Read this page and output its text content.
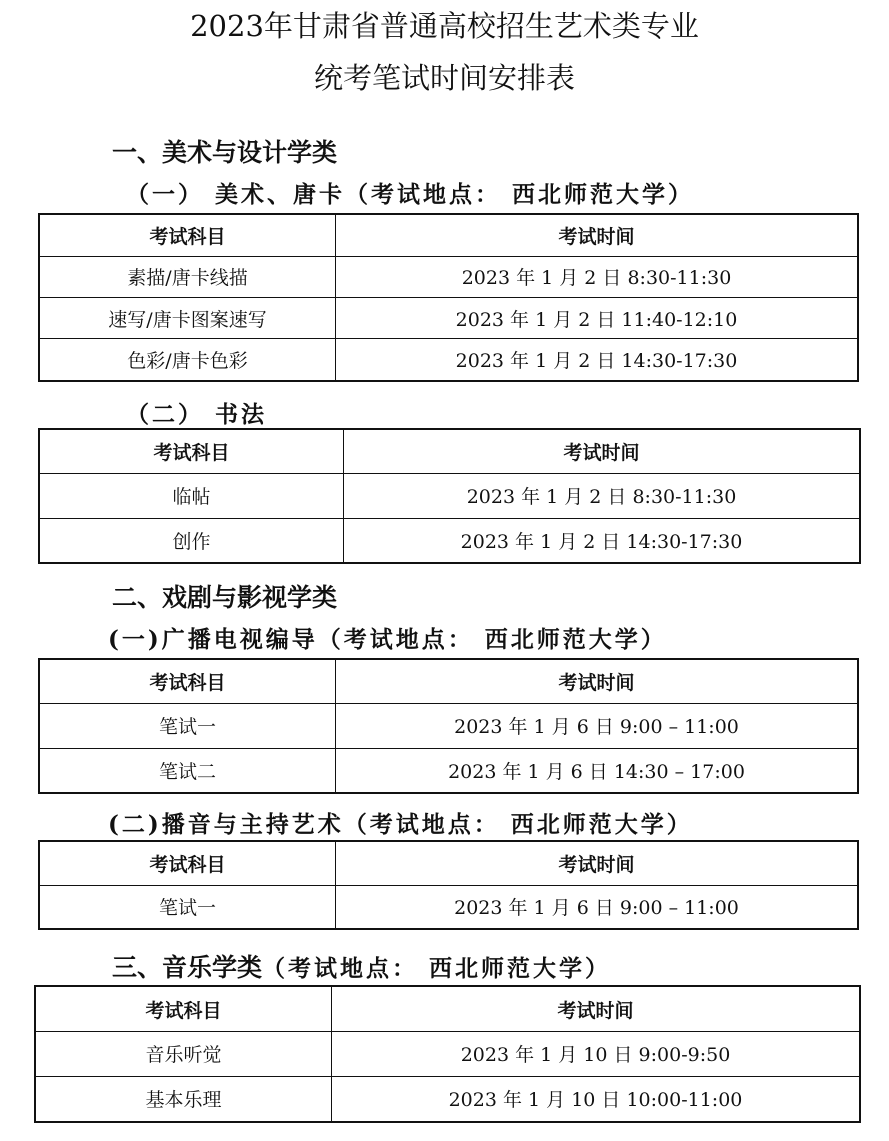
2023年甘肃省普通高校招生艺术类专业
统考笔试时间安排表
一、美术与设计学类
（一） 美术、唐卡（考试地点： 西北师范大学）
考试科目	考试时间
素描/唐卡线描	2023 年 1 月 2 日 8:30-11:30
速写/唐卡图案速写	2023 年 1 月 2 日 11:40-12:10
色彩/唐卡色彩	2023 年 1 月 2 日 14:30-17:30
（二） 书法
考试科目	考试时间
临帖	2023 年 1 月 2 日 8:30-11:30
创作	2023 年 1 月 2 日 14:30-17:30
二、戏剧与影视学类
(一)广播电视编导（考试地点： 西北师范大学）
考试科目	考试时间
笔试一	2023 年 1 月 6 日 9:00 – 11:00
笔试二	2023 年 1 月 6 日 14:30 – 17:00
(二)播音与主持艺术（考试地点： 西北师范大学）
考试科目	考试时间
笔试一	2023 年 1 月 6 日 9:00 – 11:00
三、音乐学类（考试地点： 西北师范大学）
考试科目	考试时间
音乐听觉	2023 年 1 月 10 日 9:00-9:50
基本乐理	2023 年 1 月 10 日 10:00-11:00
